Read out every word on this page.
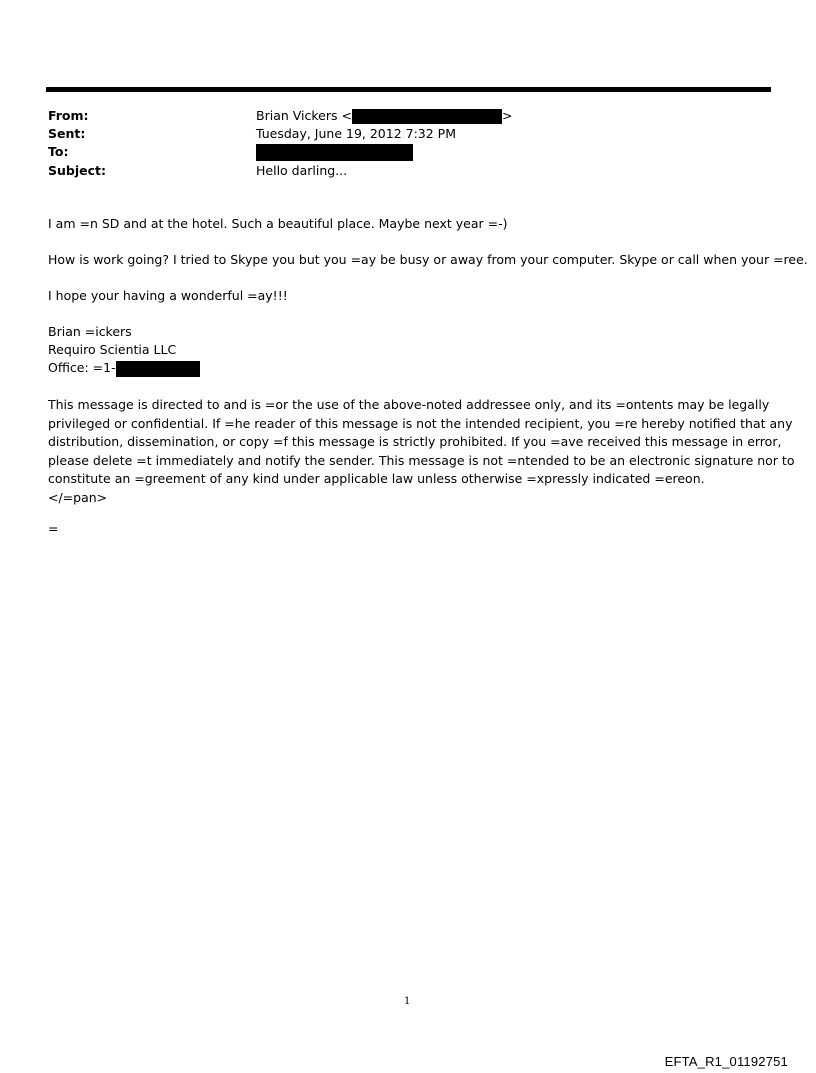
From:	Brian Vickers <	>
Sent:	Tuesday, June 19, 2012 7:32 PM
To:
Subject:	Hello darling...
I am =n SD and at the hotel. Such a beautiful place. Maybe next year =-)
How is work going? I tried to Skype you but you =ay be busy or away from your computer. Skype or call when your =ree.
I hope your having a wonderful =ay!!!
Brian =ickers
Requiro Scientia LLC
Office: =1-
This message is directed to and is =or the use of the above-noted addressee only, and its =ontents may be legally
privileged or confidential. If =he reader of this message is not the intended recipient, you =re hereby notified that any
distribution, dissemination, or copy =f this message is strictly prohibited. If you =ave received this message in error,
please delete =t immediately and notify the sender. This message is not =ntended to be an electronic signature nor to
constitute an =greement of any kind under applicable law unless otherwise =xpressly indicated =ereon.
</=pan>
=
1
EFTA_R1_01192751
